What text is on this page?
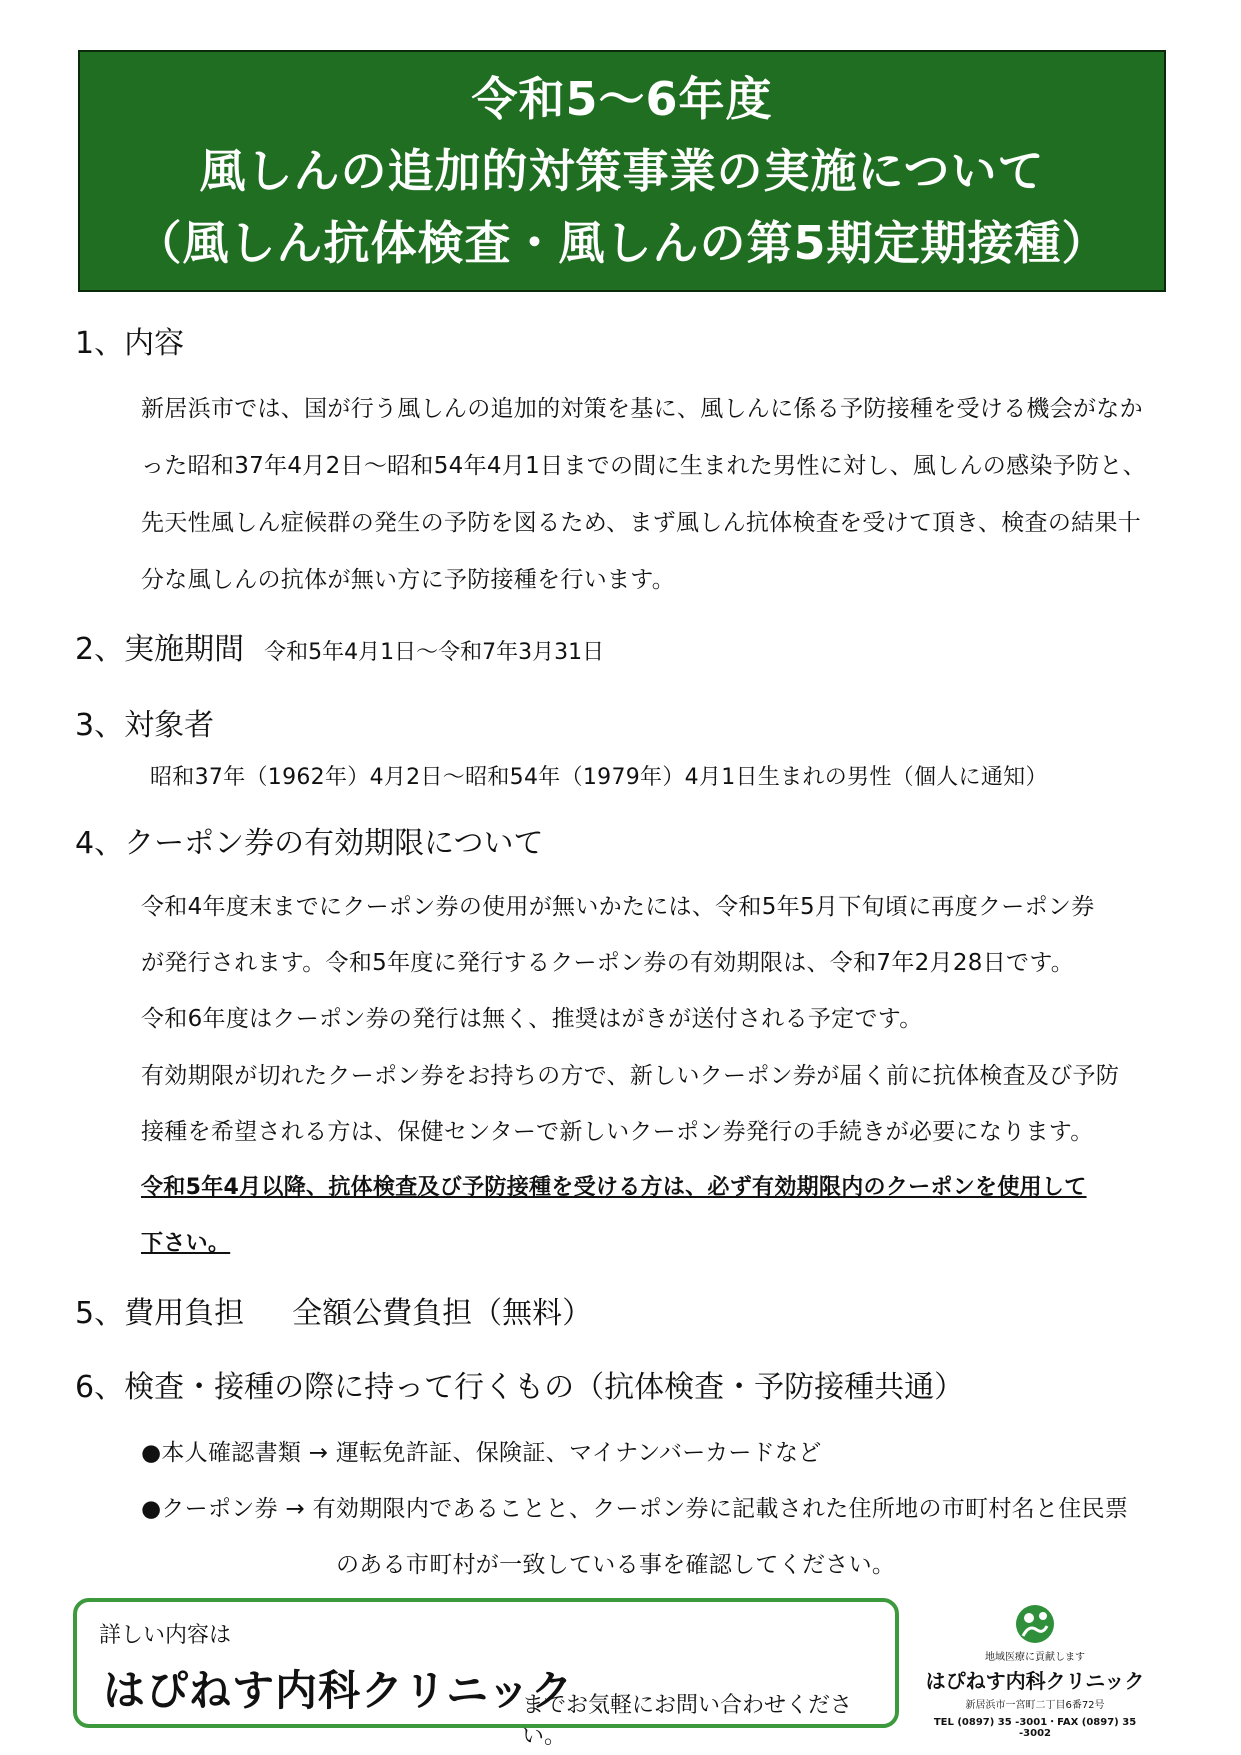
令和5～6年度
風しんの追加的対策事業の実施について
（風しん抗体検査・風しんの第5期定期接種）
1、内容
新居浜市では、国が行う風しんの追加的対策を基に、風しんに係る予防接種を受ける機会がなか
った昭和37年4月2日～昭和54年4月1日までの間に生まれた男性に対し、風しんの感染予防と、
先天性風しん症候群の発生の予防を図るため、まず風しん抗体検査を受けて頂き、検査の結果十
分な風しんの抗体が無い方に予防接種を行います。
2、実施期間 令和5年4月1日～令和7年3月31日
3、対象者
昭和37年（1962年）4月2日～昭和54年（1979年）4月1日生まれの男性（個人に通知）
4、クーポン券の有効期限について
令和4年度末までにクーポン券の使用が無いかたには、令和5年5月下旬頃に再度クーポン券
が発行されます。令和5年度に発行するクーポン券の有効期限は、令和7年2月28日です。
令和6年度はクーポン券の発行は無く、推奨はがきが送付される予定です。
有効期限が切れたクーポン券をお持ちの方で、新しいクーポン券が届く前に抗体検査及び予防
接種を希望される方は、保健センターで新しいクーポン券発行の手続きが必要になります。
令和5年4月以降、抗体検査及び予防接種を受ける方は、必ず有効期限内のクーポンを使用して
下さい。
5、費用負担 全額公費負担（無料）
6、検査・接種の際に持って行くもの（抗体検査・予防接種共通）
●本人確認書類 → 運転免許証、保険証、マイナンバーカードなど
●クーポン券 → 有効期限内であることと、クーポン券に記載された住所地の市町村名と住民票
のある市町村が一致している事を確認してください。
詳しい内容は
はぴねす内科クリニック
までお気軽にお問い合わせください。
地域医療に貢献します
はぴねす内科クリニック
新居浜市一宮町二丁目6番72号
TEL (0897) 35 -3001・FAX (0897) 35 -3002
